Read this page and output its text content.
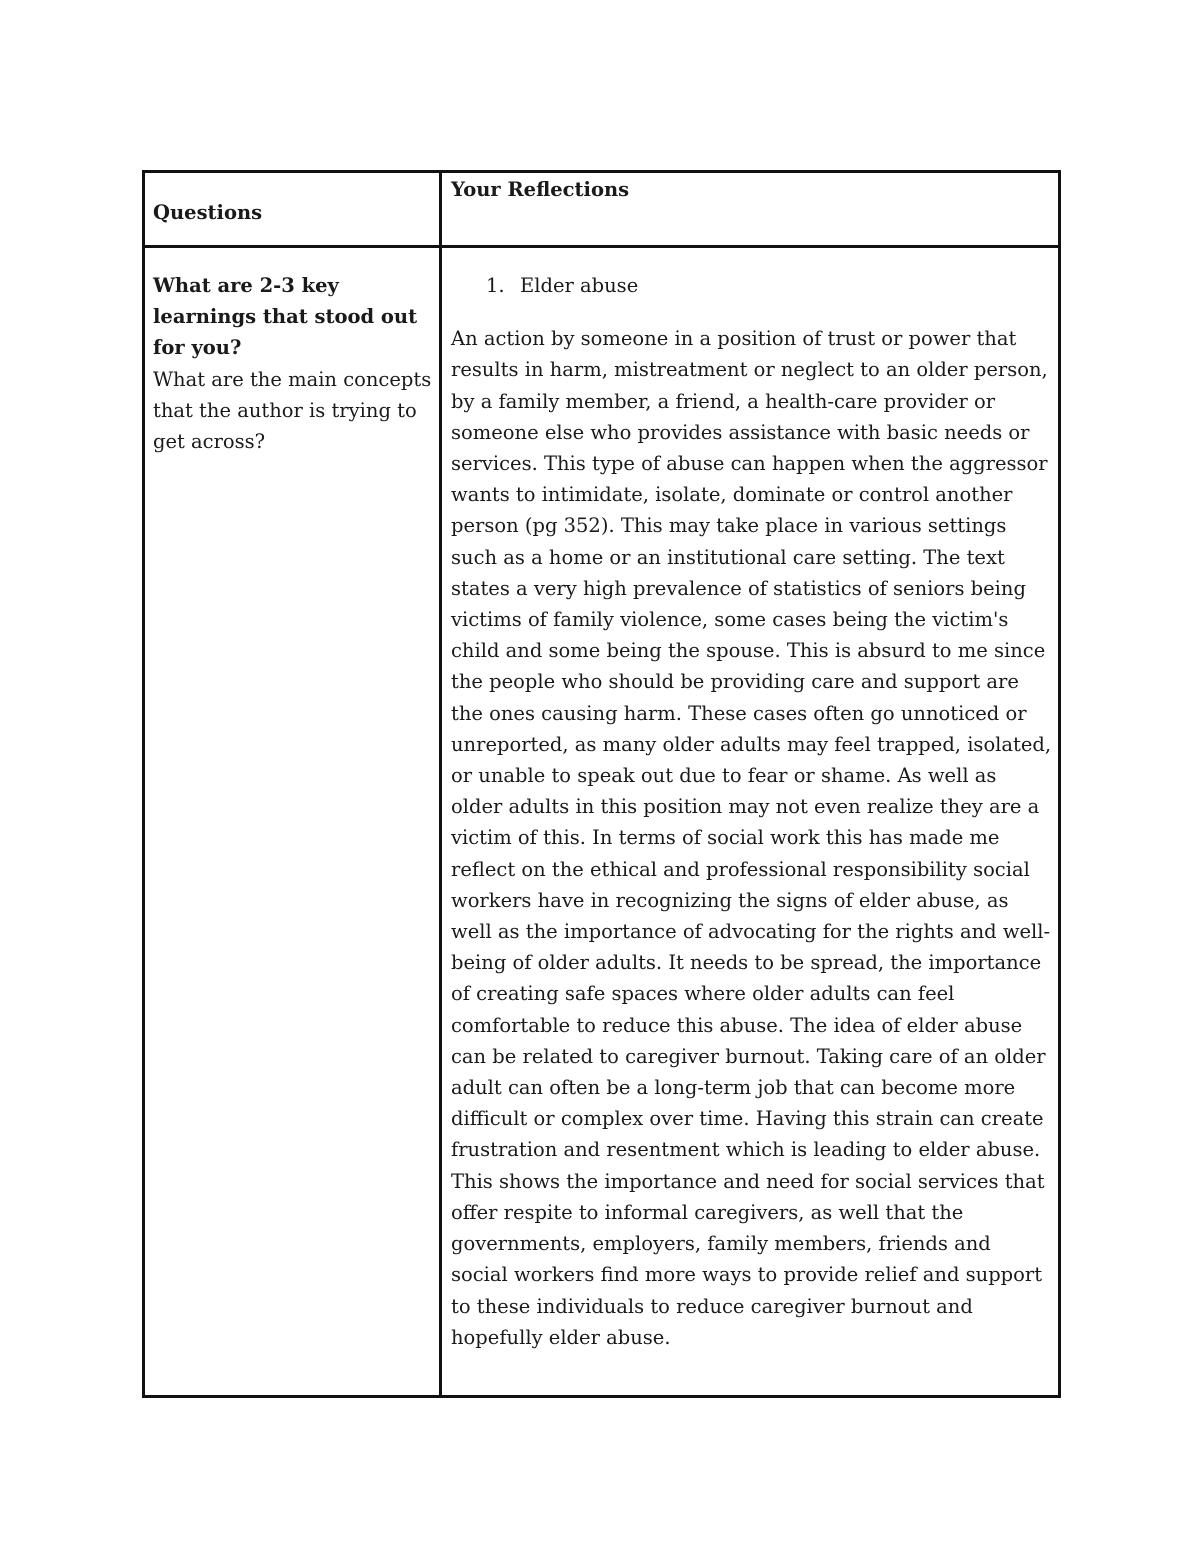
Questions
Your Reflections
What are 2-3 key learnings that stood out for you?
What are the main concepts that the author is trying to get across?
1. Elder abuse

An action by someone in a position of trust or power that results in harm, mistreatment or neglect to an older person, by a family member, a friend, a health-care provider or someone else who provides assistance with basic needs or services. This type of abuse can happen when the aggressor wants to intimidate, isolate, dominate or control another person (pg 352). This may take place in various settings such as a home or an institutional care setting. The text states a very high prevalence of statistics of seniors being victims of family violence, some cases being the victim's child and some being the spouse. This is absurd to me since the people who should be providing care and support are the ones causing harm. These cases often go unnoticed or unreported, as many older adults may feel trapped, isolated, or unable to speak out due to fear or shame. As well as older adults in this position may not even realize they are a victim of this. In terms of social work this has made me reflect on the ethical and professional responsibility social workers have in recognizing the signs of elder abuse, as well as the importance of advocating for the rights and well-being of older adults. It needs to be spread, the importance of creating safe spaces where older adults can feel comfortable to reduce this abuse. The idea of elder abuse can be related to caregiver burnout. Taking care of an older adult can often be a long-term job that can become more difficult or complex over time. Having this strain can create frustration and resentment which is leading to elder abuse. This shows the importance and need for social services that offer respite to informal caregivers, as well that the governments, employers, family members, friends and social workers find more ways to provide relief and support to these individuals to reduce caregiver burnout and hopefully elder abuse.
